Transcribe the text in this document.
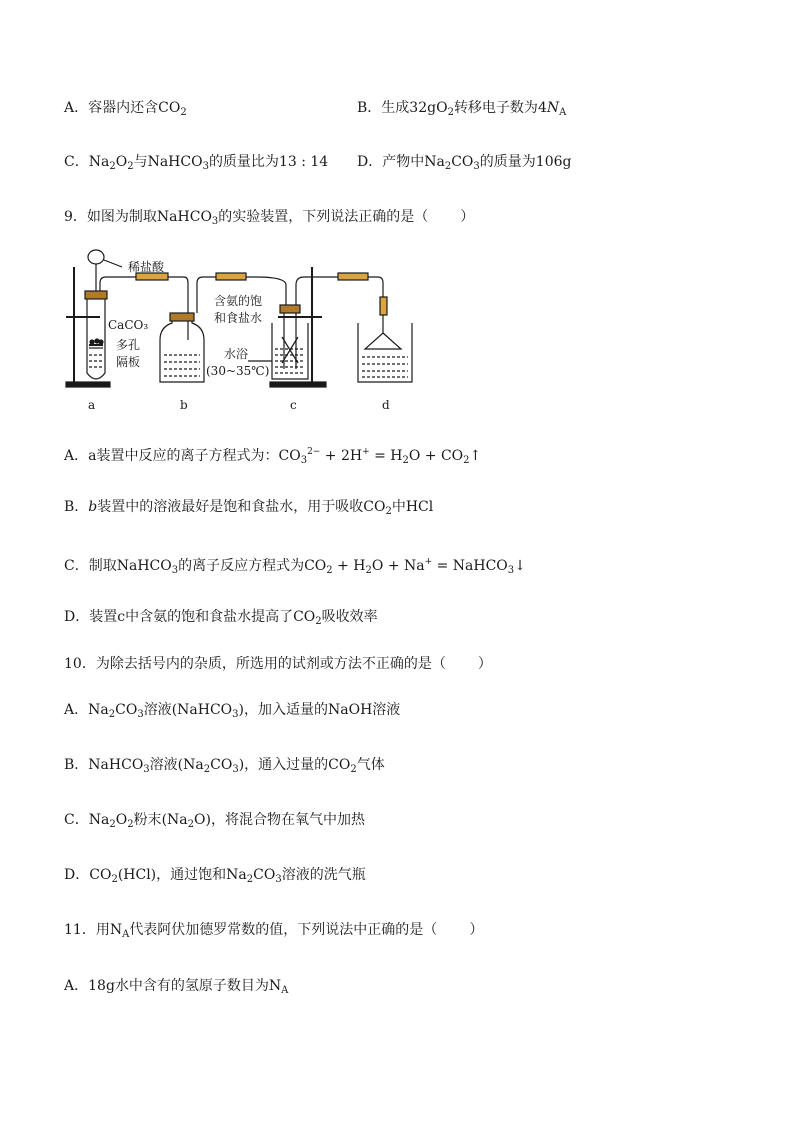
A．容器内还含$CO_2$	B．生成$32gO_2$转移电子数为$4N_A$
C．$Na_2O_2$与NaHCO$_3$的质量比为13 : 14 D．产物中$Na_2CO_3$的质量为106g
9．如图为制取NaHCO$_3$的实验装置，下列说法正确的是（ ）
稀盐酸
CaCO₃
多孔
隔板
含氨的饱
和食盐水
水浴
(30~35℃)
a	b	c	d
A．a装置中反应的离子方程式为：$CO_3^{2-} + 2H^+ = H_2O$ + $CO_2↑$
B．b装置中的溶液最好是饱和食盐水，用于吸收$CO_2$中HCl
C．制取NaHCO$_3$的离子反应方程式为$CO_2 + H_2O + Na^+$ = NaHCO$_3$↓
D．装置c中含氨的饱和食盐水提高了$CO_2$吸收效率
10．为除去括号内的杂质，所选用的试剂或方法不正确的是（ ）
A．$Na_2CO_3$溶液(NaHCO$_3$)，加入适量的NaOH溶液
B．NaHCO$_3$溶液$(Na_2CO_3)$，通入过量的$CO_2$气体
C．$Na_2O_2$粉末$(Na_2O)$，将混合物在氧气中加热
D．$CO_2(HCl)$，通过饱和$Na_2CO_3$溶液的洗气瓶
11．用$N_A$代表阿伏加德罗常数的值，下列说法中正确的是（ ）
A．18g水中含有的氢原子数目为$N_A$
